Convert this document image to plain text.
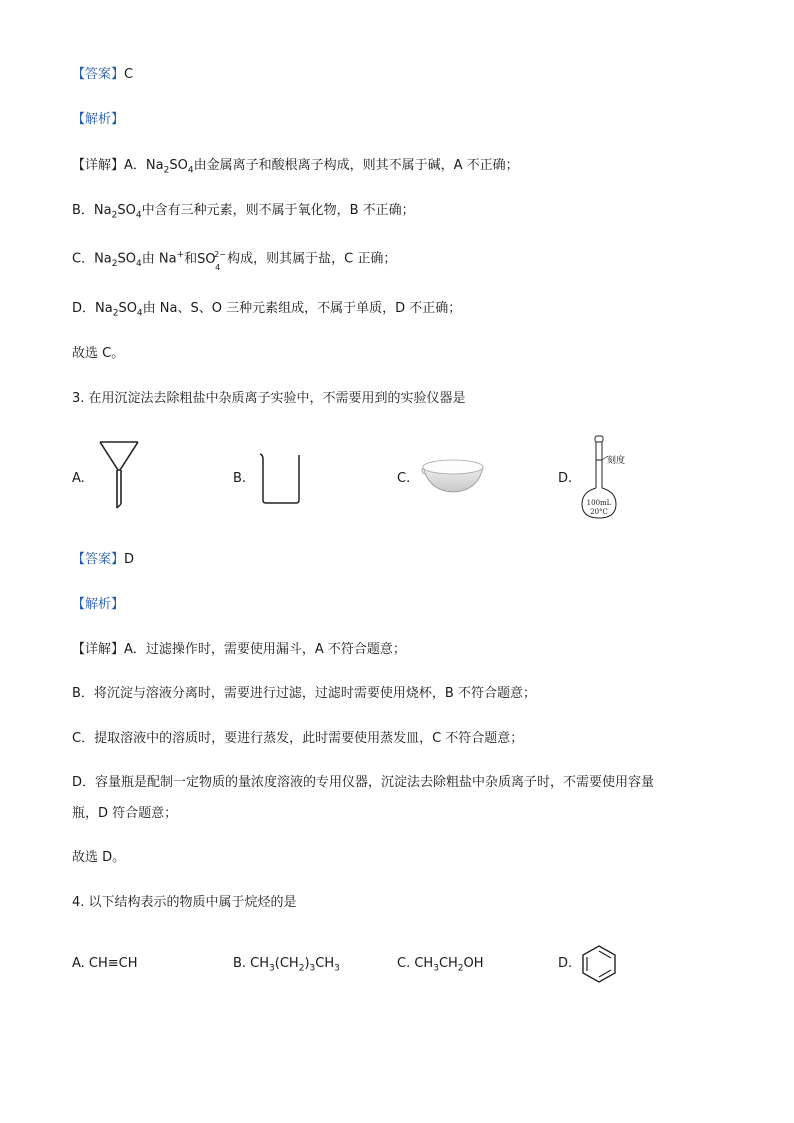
【答案】C
【解析】
【详解】A．$Na_2SO_4$由金属离子和酸根离子构成，则其不属于碱，A 不正确；
B．$Na_2SO_4$中含有三种元素，则不属于氧化物，B 不正确；
C．$Na_2SO_4$由 Na+和 SO
2−
4
构成，则其属于盐，C 正确；
D．$Na_2SO_4$由 Na、S、O 三种元素组成，不属于单质，D 不正确；
故选 C。
3. 在用沉淀法去除粗盐中杂质离子实验中，不需要用到的实验仪器是
A.	B.	C.	D.
刻度
100mL
20°C
【答案】D
【解析】
【详解】A．过滤操作时，需要使用漏斗，A 不符合题意；
B．将沉淀与溶液分离时，需要进行过滤，过滤时需要使用烧杯，B 不符合题意；
C．提取溶液中的溶质时，要进行蒸发，此时需要使用蒸发皿，C 不符合题意；
D．容量瓶是配制一定物质的量浓度溶液的专用仪器，沉淀法去除粗盐中杂质离子时，不需要使用容量
瓶，D 符合题意；
故选 D。
4. 以下结构表示的物质中属于烷烃的是
A. CH≡CH	B. $CH_3(CH_2)_3CH_3$	C. $CH_3CH_2OH$	D.
